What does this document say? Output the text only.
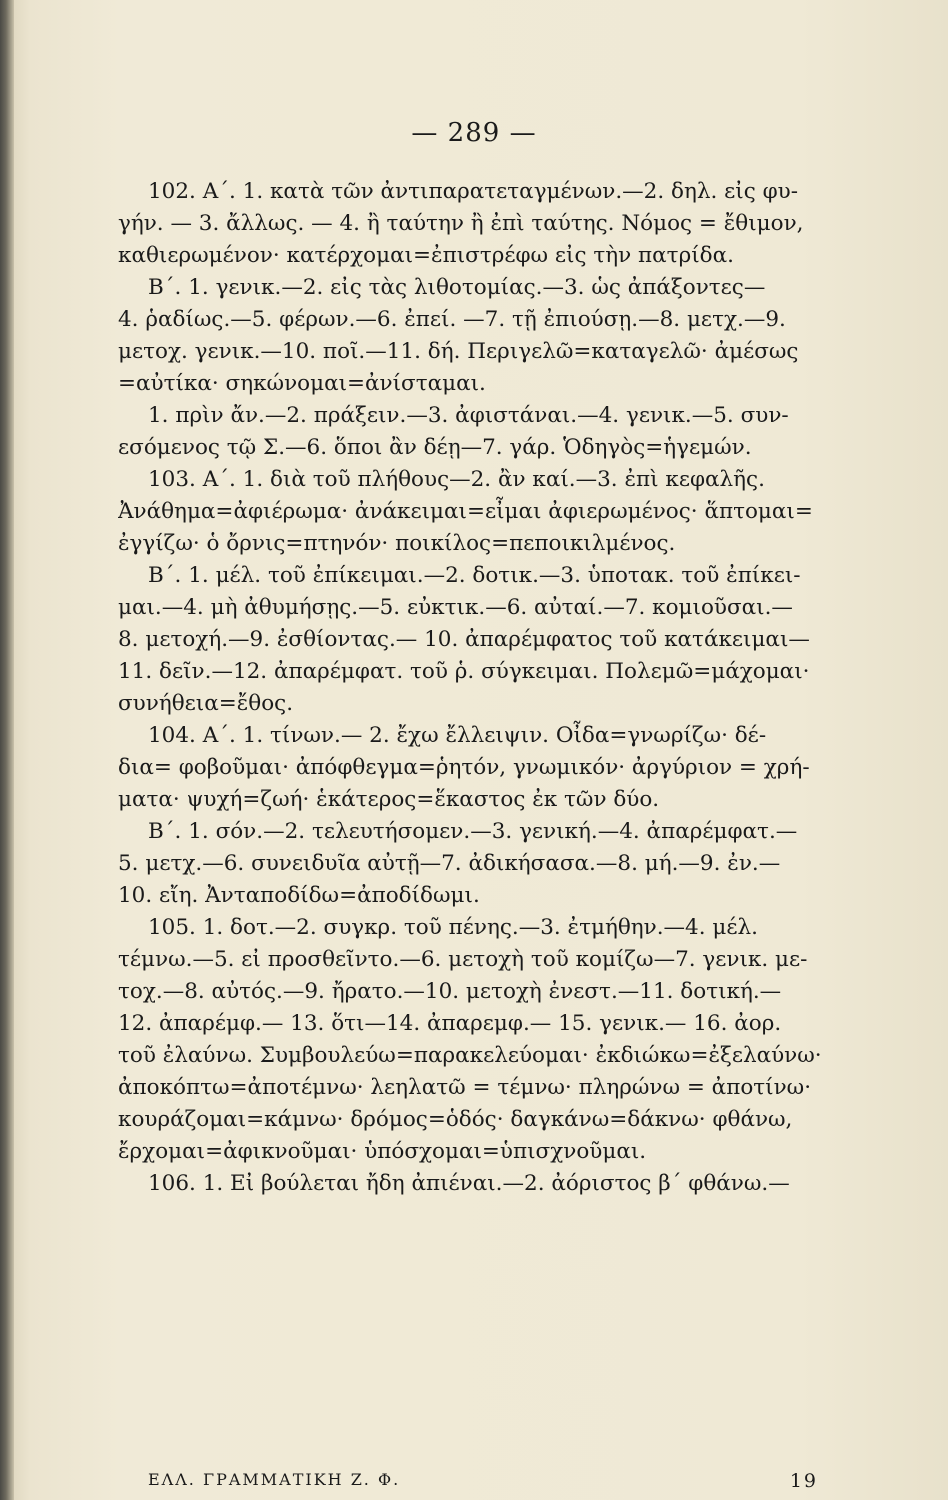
— 289 —
102. Α΄. 1. κατὰ τῶν ἀντιπαρατεταγμένων.—2. δηλ. εἰς φυ-
γήν. — 3. ἄλλως. — 4. ἢ ταύτην ἢ ἐπὶ ταύτης. Νόμος = ἔθιμον,
καθιερωμένον· κατέρχομαι=ἐπιστρέφω εἰς τὴν πατρίδα.
Β΄. 1. γενικ.—2. εἰς τὰς λιθοτομίας.—3. ὡς ἀπάξοντες—
4. ῥαδίως.—5. φέρων.—6. ἐπεί. —7. τῇ ἐπιούσῃ.—8. μετχ.—9.
μετοχ. γενικ.—10. ποῖ.—11. δή. Περιγελῶ=καταγελῶ· ἀμέσως
=αὐτίκα· σηκώνομαι=ἀνίσταμαι.
1. πρὶν ἄν.—2. πράξειν.—3. ἀφιστάναι.—4. γενικ.—5. συν-
εσόμενος τῷ Σ.—6. ὅποι ἂν δέῃ—7. γάρ. Ὁδηγὸς=ἡγεμών.
103. Α΄. 1. διὰ τοῦ πλήθους—2. ἂν καί.—3. ἐπὶ κεφαλῆς.
Ἀνάθημα=ἀφιέρωμα· ἀνάκειμαι=εἶμαι ἀφιερωμένος· ἅπτομαι=
ἐγγίζω· ὁ ὄρνις=πτηνόν· ποικίλος=πεποικιλμένος.
Β΄. 1. μέλ. τοῦ ἐπίκειμαι.—2. δοτικ.—3. ὑποτακ. τοῦ ἐπίκει-
μαι.—4. μὴ ἀθυμήσῃς.—5. εὐκτικ.—6. αὐταί.—7. κομιοῦσαι.—
8. μετοχή.—9. ἐσθίοντας.— 10. ἀπαρέμφατος τοῦ κατάκειμαι—
11. δεῖν.—12. ἀπαρέμφατ. τοῦ ῥ. σύγκειμαι. Πολεμῶ=μάχομαι·
συνήθεια=ἔθος.
104. Α΄. 1. τίνων.— 2. ἔχω ἔλλειψιν. Οἶδα=γνωρίζω· δέ-
δια= φοβοῦμαι· ἀπόφθεγμα=ῥητόν, γνωμικόν· ἀργύριον = χρή-
ματα· ψυχή=ζωή· ἑκάτερος=ἕκαστος ἐκ τῶν δύο.
Β΄. 1. σόν.—2. τελευτήσομεν.—3. γενική.—4. ἀπαρέμφατ.—
5. μετχ.—6. συνειδυῖα αὐτῇ—7. ἀδικήσασα.—8. μή.—9. ἐν.—
10. εἴη. Ἀνταποδίδω=ἀποδίδωμι.
105. 1. δοτ.—2. συγκρ. τοῦ πένης.—3. ἐτμήθην.—4. μέλ.
τέμνω.—5. εἰ προσθεῖντο.—6. μετοχὴ τοῦ κομίζω—7. γενικ. με-
τοχ.—8. αὐτός.—9. ἤρατο.—10. μετοχὴ ἐνεστ.—11. δοτική.—
12. ἀπαρέμφ.— 13. ὅτι—14. ἀπαρεμφ.— 15. γενικ.— 16. ἀορ.
τοῦ ἐλαύνω. Συμβουλεύω=παρακελεύομαι· ἐκδιώκω=ἐξελαύνω·
ἀποκόπτω=ἀποτέμνω· λεηλατῶ = τέμνω· πληρώνω = ἀποτίνω·
κουράζομαι=κάμνω· δρόμος=ὁδός· δαγκάνω=δάκνω· φθάνω,
ἔρχομαι=ἀφικνοῦμαι· ὑπόσχομαι=ὑπισχνοῦμαι.
106. 1. Εἰ βούλεται ἤδη ἀπιέναι.—2. ἀόριστος β΄ φθάνω.—
ΕΛΛ. ΓΡΑΜΜΑΤΙΚΗ Ζ. Φ.	19
